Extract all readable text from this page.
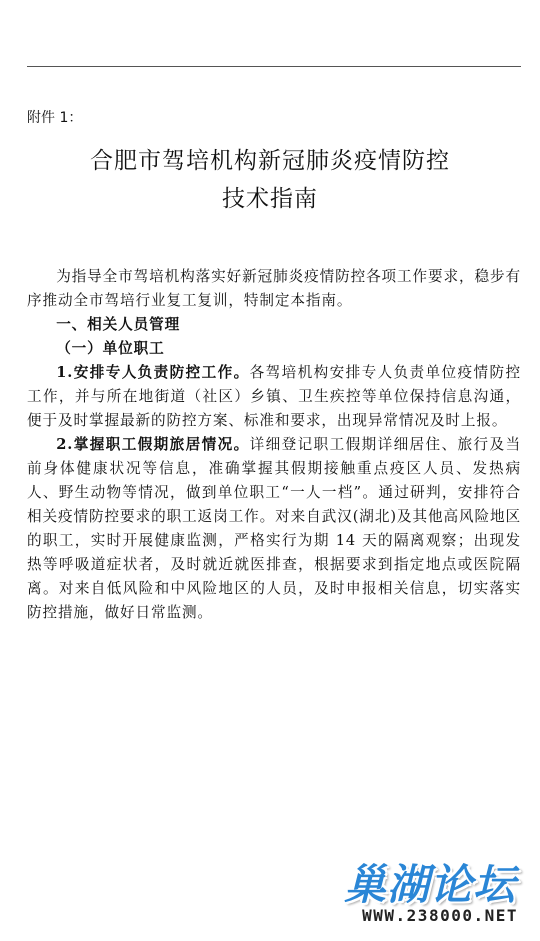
附件 1：
合肥市驾培机构新冠肺炎疫情防控
技术指南

为指导全市驾培机构落实好新冠肺炎疫情防控各项工作要求，稳步有序推动全市驾培行业复工复训，特制定本指南。

一、相关人员管理

（一）单位职工

1.安排专人负责防控工作。各驾培机构安排专人负责单位疫情防控工作，并与所在地街道（社区）乡镇、卫生疾控等单位保持信息沟通，便于及时掌握最新的防控方案、标准和要求，出现异常情况及时上报。

2.掌握职工假期旅居情况。详细登记职工假期详细居住、旅行及当前身体健康状况等信息，准确掌握其假期接触重点疫区人员、发热病人、野生动物等情况，做到单位职工“一人一档”。通过研判，安排符合相关疫情防控要求的职工返岗工作。对来自武汉(湖北)及其他高风险地区的职工，实时开展健康监测，严格实行为期 14 天的隔离观察；出现发热等呼吸道症状者，及时就近就医排查，根据要求到指定地点或医院隔离。对来自低风险和中风险地区的人员，及时申报相关信息，切实落实防控措施，做好日常监测。

巢湖论坛
WWW.238000.NET
